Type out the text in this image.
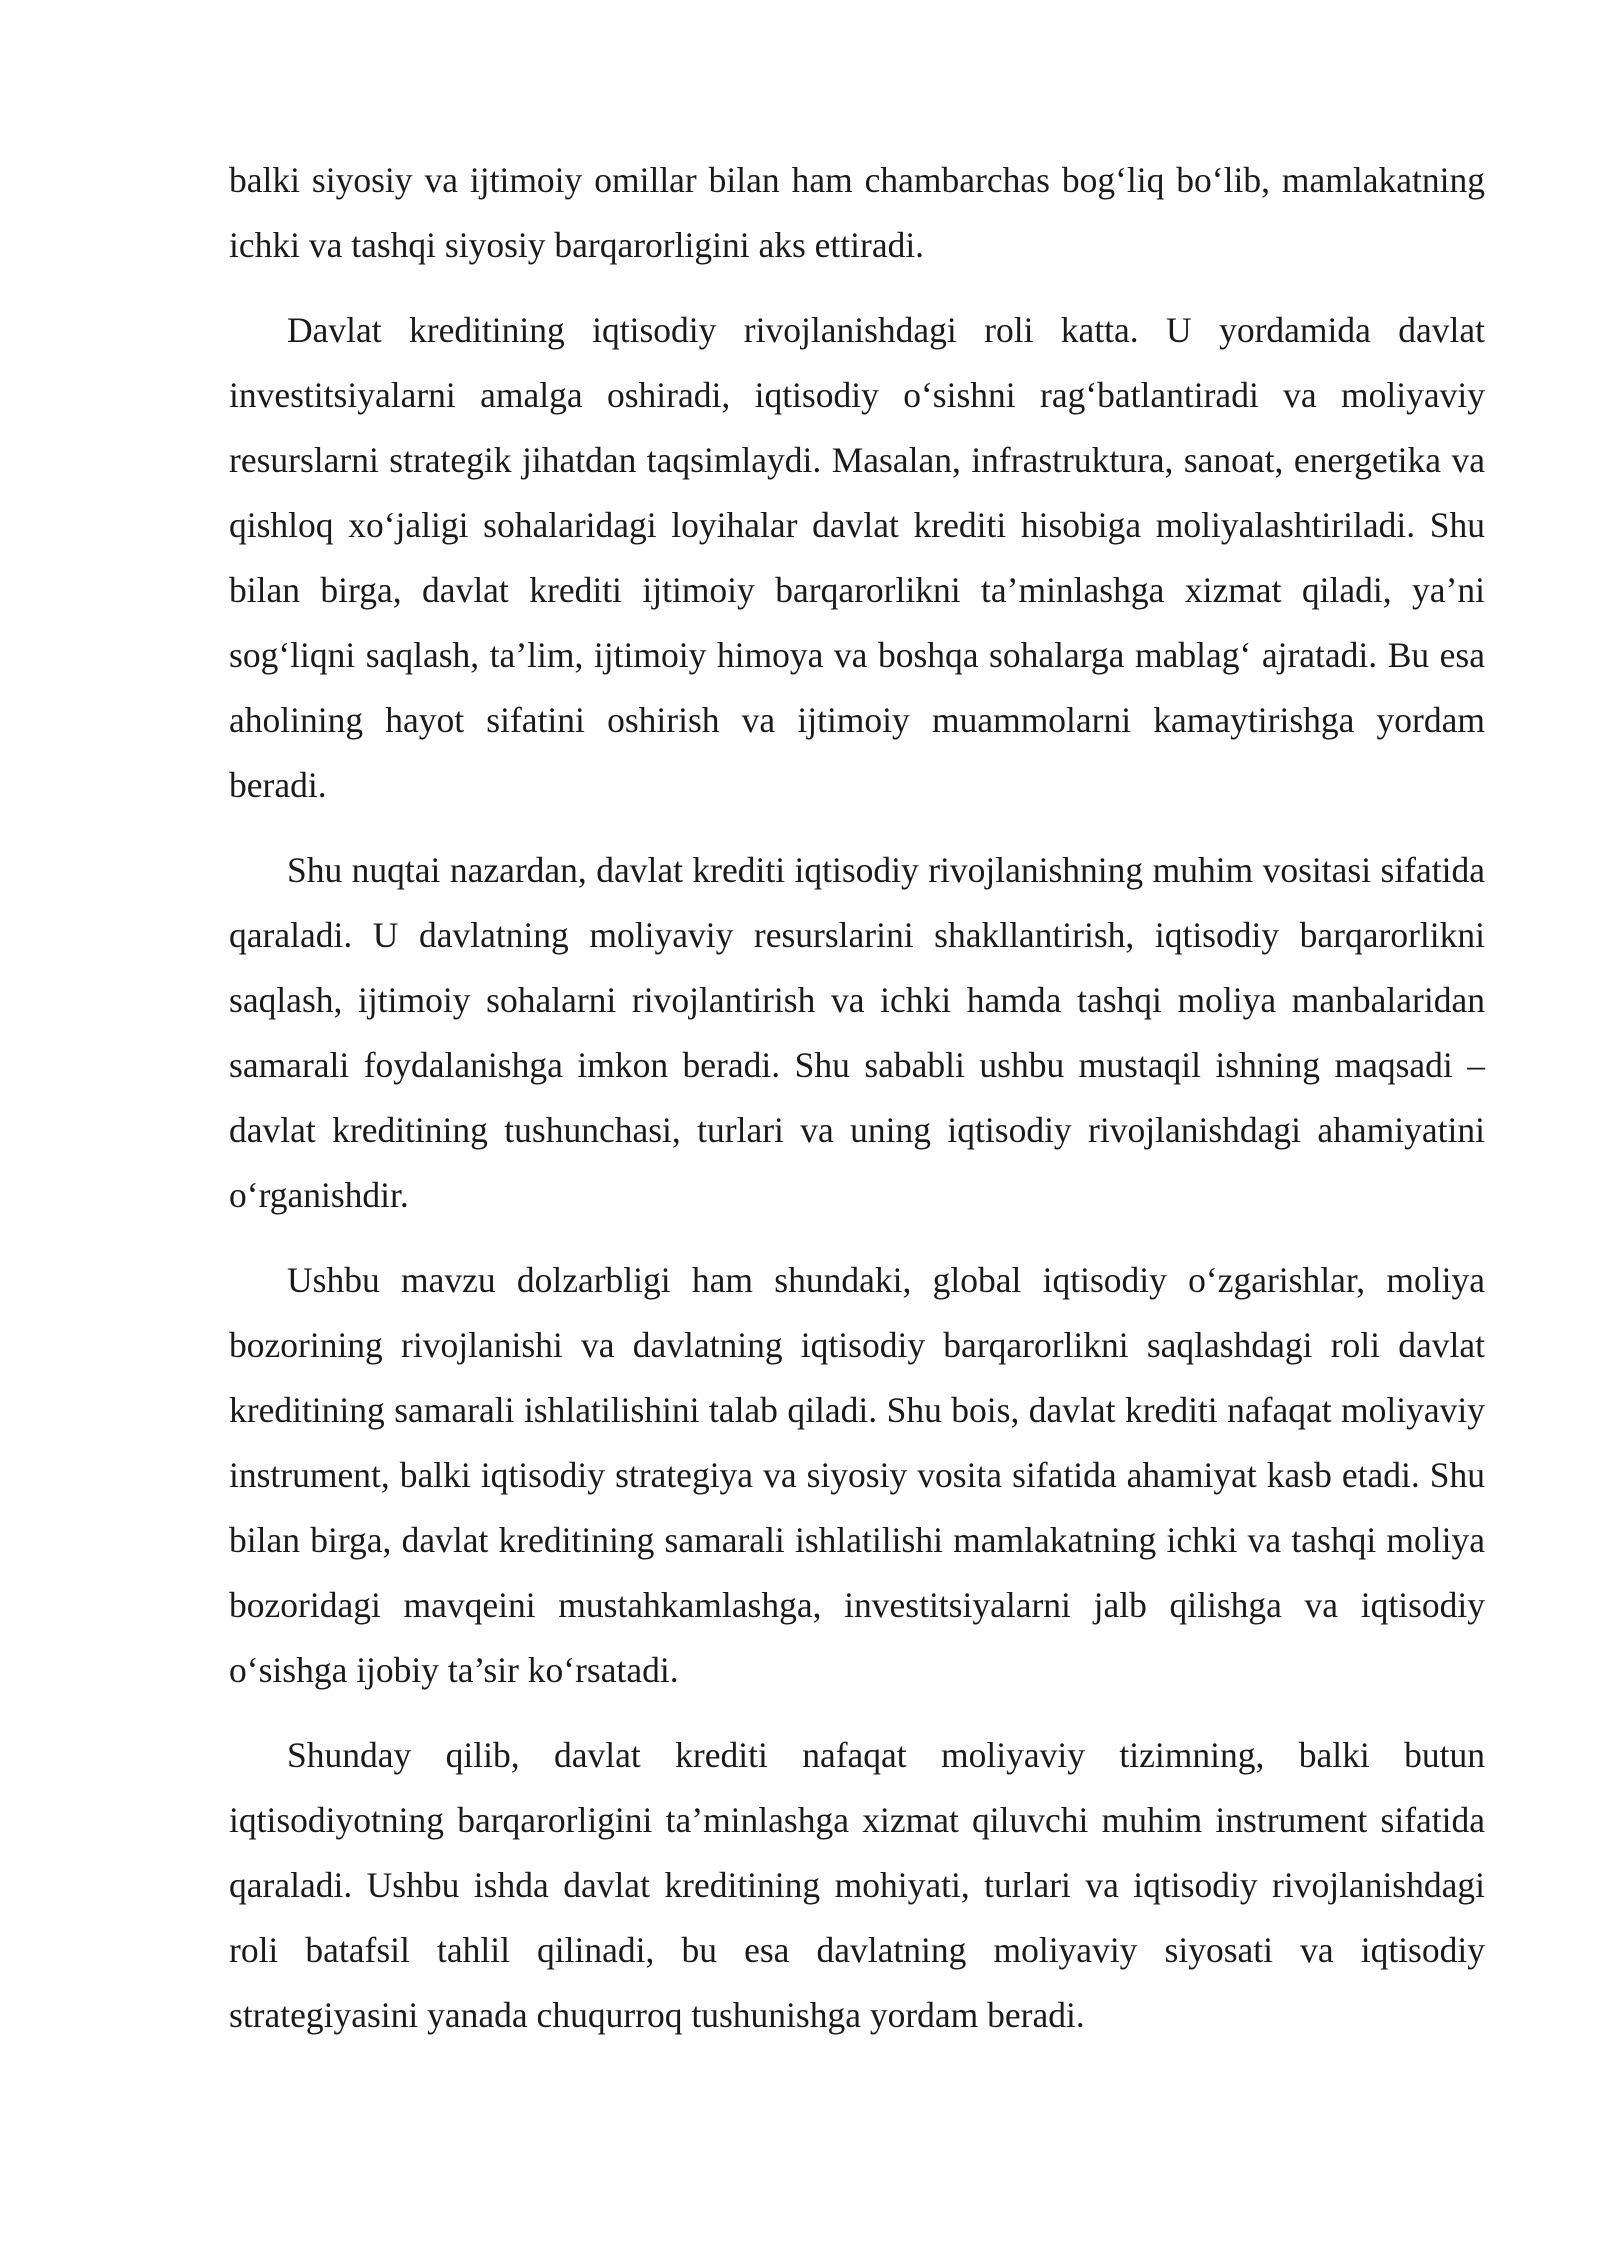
balki siyosiy va ijtimoiy omillar bilan ham chambarchas bog‘liq bo‘lib, mamlakatning ichki va tashqi siyosiy barqarorligini aks ettiradi.

Davlat kreditining iqtisodiy rivojlanishdagi roli katta. U yordamida davlat investitsiyalarni amalga oshiradi, iqtisodiy o‘sishni rag‘batlantiradi va moliyaviy resurslarni strategik jihatdan taqsimlaydi. Masalan, infrastruktura, sanoat, energetika va qishloq xo‘jaligi sohalaridagi loyihalar davlat krediti hisobiga moliyalashtiriladi. Shu bilan birga, davlat krediti ijtimoiy barqarorlikni ta’minlashga xizmat qiladi, ya’ni sog‘liqni saqlash, ta’lim, ijtimoiy himoya va boshqa sohalarga mablag‘ ajratadi. Bu esa aholining hayot sifatini oshirish va ijtimoiy muammolarni kamaytirishga yordam beradi.

Shu nuqtai nazardan, davlat krediti iqtisodiy rivojlanishning muhim vositasi sifatida qaraladi. U davlatning moliyaviy resurslarini shakllantirish, iqtisodiy barqarorlikni saqlash, ijtimoiy sohalarni rivojlantirish va ichki hamda tashqi moliya manbalaridan samarali foydalanishga imkon beradi. Shu sababli ushbu mustaqil ishning maqsadi – davlat kreditining tushunchasi, turlari va uning iqtisodiy rivojlanishdagi ahamiyatini o‘rganishdir.

Ushbu mavzu dolzarbligi ham shundaki, global iqtisodiy o‘zgarishlar, moliya bozorining rivojlanishi va davlatning iqtisodiy barqarorlikni saqlashdagi roli davlat kreditining samarali ishlatilishini talab qiladi. Shu bois, davlat krediti nafaqat moliyaviy instrument, balki iqtisodiy strategiya va siyosiy vosita sifatida ahamiyat kasb etadi. Shu bilan birga, davlat kreditining samarali ishlatilishi mamlakatning ichki va tashqi moliya bozoridagi mavqeini mustahkamlashga, investitsiyalarni jalb qilishga va iqtisodiy o‘sishga ijobiy ta’sir ko‘rsatadi.

Shunday qilib, davlat krediti nafaqat moliyaviy tizimning, balki butun iqtisodiyotning barqarorligini ta’minlashga xizmat qiluvchi muhim instrument sifatida qaraladi. Ushbu ishda davlat kreditining mohiyati, turlari va iqtisodiy rivojlanishdagi roli batafsil tahlil qilinadi, bu esa davlatning moliyaviy siyosati va iqtisodiy strategiyasini yanada chuqurroq tushunishga yordam beradi.
